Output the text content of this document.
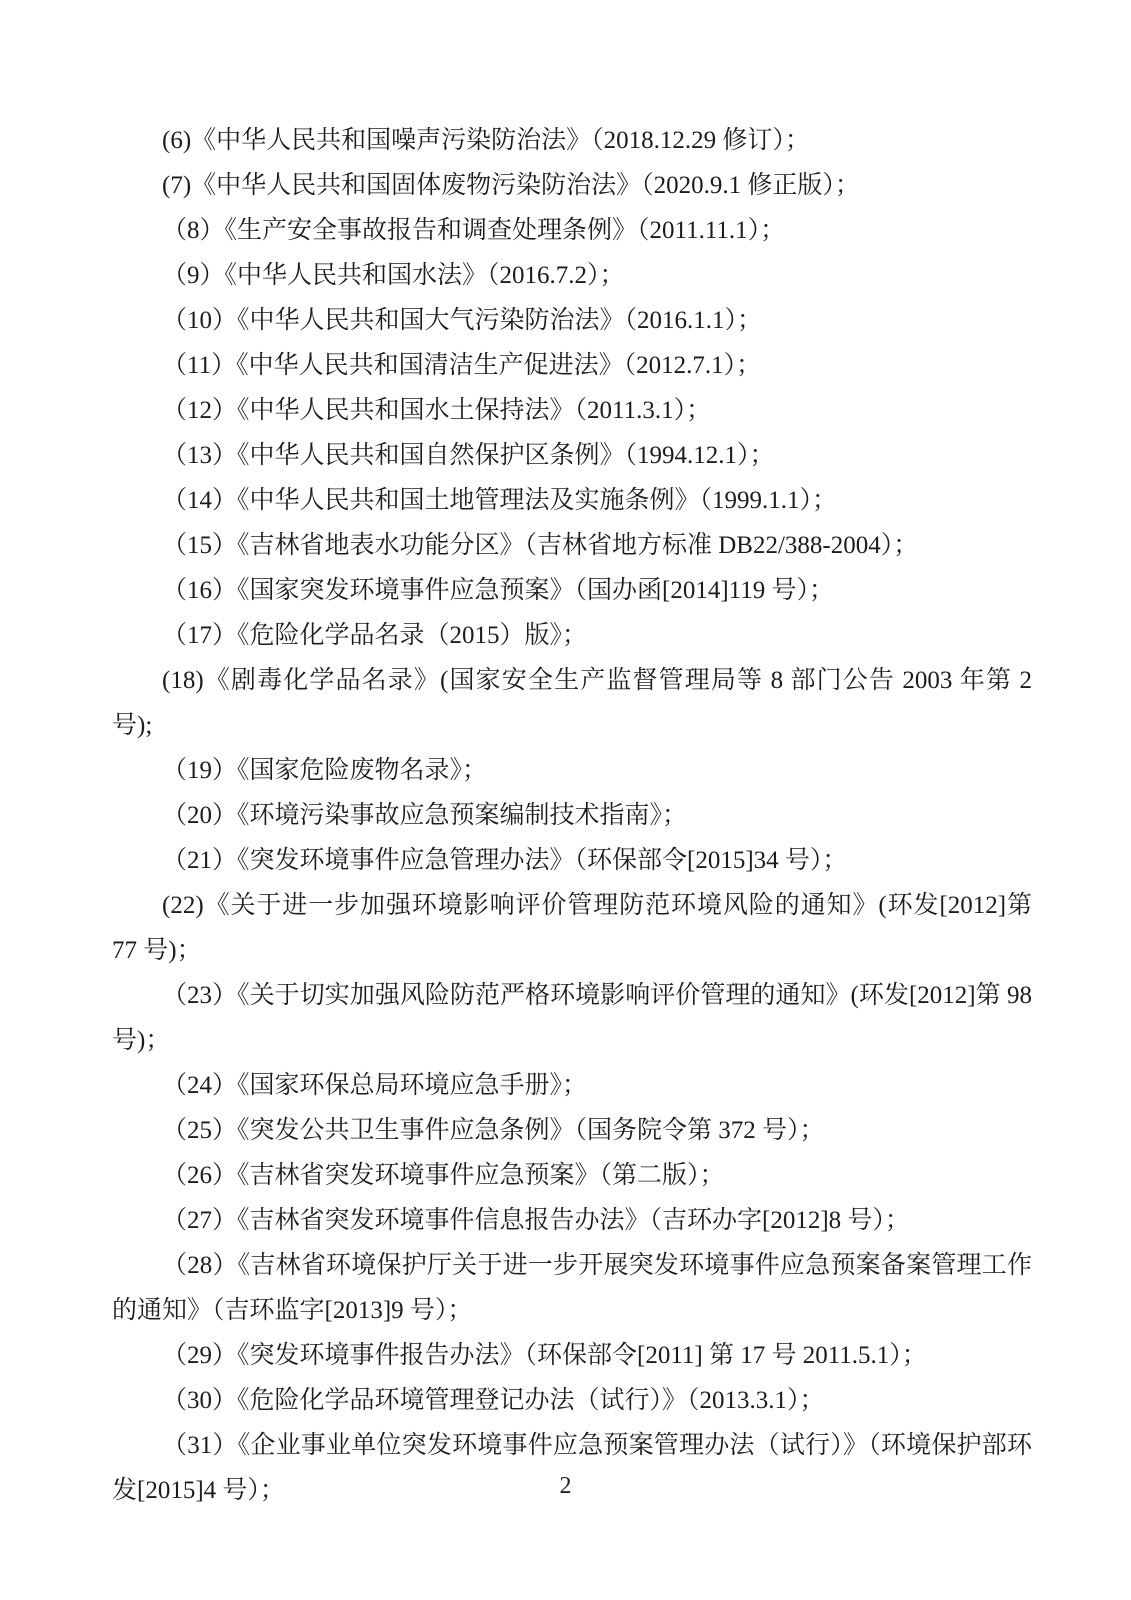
(6)《中华人民共和国噪声污染防治法》（2018.12.29 修订）；

(7)《中华人民共和国固体废物污染防治法》（2020.9.1 修正版）；

（8）《生产安全事故报告和调查处理条例》（2011.11.1）；

（9）《中华人民共和国水法》（2016.7.2）；

（10）《中华人民共和国大气污染防治法》（2016.1.1）；

（11）《中华人民共和国清洁生产促进法》（2012.7.1）；

（12）《中华人民共和国水土保持法》（2011.3.1）；

（13）《中华人民共和国自然保护区条例》（1994.12.1）；

（14）《中华人民共和国土地管理法及实施条例》（1999.1.1）；

（15）《吉林省地表水功能分区》（吉林省地方标准 DB22/388-2004）；

（16）《国家突发环境事件应急预案》（国办函[2014]119 号）；

（17）《危险化学品名录（2015）版》；

(18)《剧毒化学品名录》(国家安全生产监督管理局等 8 部门公告 2003 年第 2 号);

（19）《国家危险废物名录》；

（20）《环境污染事故应急预案编制技术指南》；

（21）《突发环境事件应急管理办法》（环保部令[2015]34 号）；

(22)《关于进一步加强环境影响评价管理防范环境风险的通知》(环发[2012]第 77 号)；

（23）《关于切实加强风险防范严格环境影响评价管理的通知》(环发[2012]第 98 号)；

（24）《国家环保总局环境应急手册》；

（25）《突发公共卫生事件应急条例》（国务院令第 372 号）；

（26）《吉林省突发环境事件应急预案》（第二版）；

（27）《吉林省突发环境事件信息报告办法》（吉环办字[2012]8 号）；

（28）《吉林省环境保护厅关于进一步开展突发环境事件应急预案备案管理工作的通知》（吉环监字[2013]9 号）；

（29）《突发环境事件报告办法》（环保部令[2011] 第 17 号 2011.5.1）；

（30）《危险化学品环境管理登记办法（试行）》（2013.3.1）；

（31）《企业事业单位突发环境事件应急预案管理办法（试行）》（环境保护部环发[2015]4 号）；	2
